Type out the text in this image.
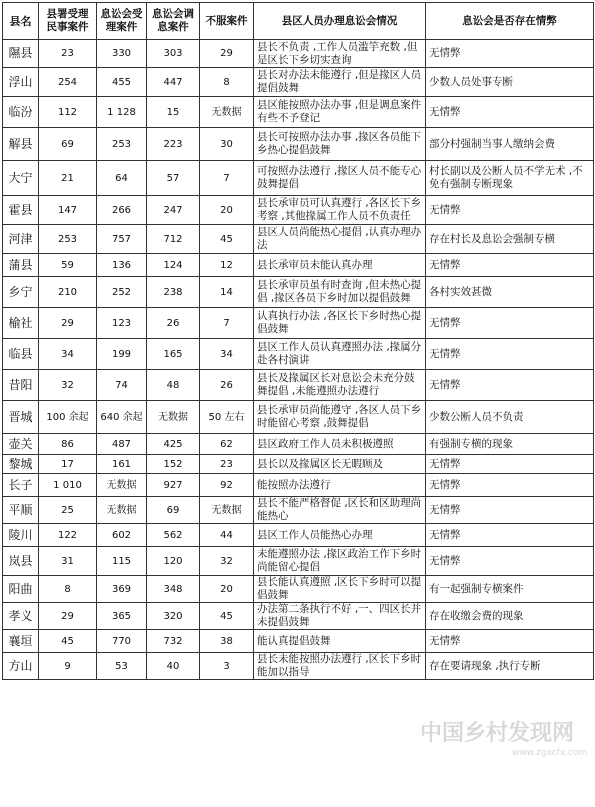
县名	县署受理民事案件	息讼会受理案件	息讼会调息案件	不服案件	县区人员办理息讼会情况	息讼会是否存在情弊
隰县	23	330	303	29	县长不负责 ,工作人员滥竽充数 ,但是区长下乡切实查询	无情弊
浮山	254	455	447	8	县长对办法未能遵行 ,但是掾区人员提倡鼓舞	少数人员处事专断
临汾	112	1 128	15	无数据	县区能按照办法办事 ,但是调息案件有些不予登记	无情弊
解县	69	253	223	30	县长可按照办法办事 ,掾区各员能下乡热心提倡鼓舞	部分村强制当事人缴纳会费
大宁	21	64	57	7	可按照办法遵行 ,掾区人员不能专心鼓舞提倡	村长副以及公断人员不学无术 ,不免有强制专断现象
霍县	147	266	247	20	县长承审员可认真遵行 ,各区长下乡考察 ,其他掾属工作人员不负责任	无情弊
河津	253	757	712	45	县区人员尚能热心提倡 ,认真办理办法	存在村长及息讼会强制专横
蒲县	59	136	124	12	县长承审员未能认真办理	无情弊
乡宁	210	252	238	14	县长承审员虽有时查询 ,但未热心提倡 ,掾区各员下乡时加以提倡鼓舞	各村实效甚微
榆社	29	123	26	7	认真执行办法 ,各区长下乡时热心提倡鼓舞	无情弊
临县	34	199	165	34	县区工作人员认真遵照办法 ,掾属分赴各村演讲	无情弊
昔阳	32	74	48	26	县长及掾属区长对息讼会未充分鼓舞提倡 ,未能遵照办法遵行	无情弊
晋城	100 余起	640 余起	无数据	50 左右	县长承审员尚能遵守 ,各区人员下乡时能留心考察 ,鼓舞提倡	少数公断人员不负责
壶关	86	487	425	62	县区政府工作人员未积极遵照	有强制专横的现象
黎城	17	161	152	23	县长以及掾属区长无暇顾及	无情弊
长子	1 010	无数据	927	92	能按照办法遵行	无情弊
平顺	25	无数据	69	无数据	县长不能严格督促 ,区长和区助理尚能热心	无情弊
陵川	122	602	562	44	县区工作人员能热心办理	无情弊
岚县	31	115	120	32	未能遵照办法 ,掾区政治工作下乡时尚能留心提倡	无情弊
阳曲	8	369	348	20	县长能认真遵照 ,区长下乡时可以提倡鼓舞	有一起强制专横案件
孝义	29	365	320	45	办法第二条执行不好 ,一、四区长并未提倡鼓舞	存在收缴会费的现象
襄垣	45	770	732	38	能认真提倡鼓舞	无情弊
方山	9	53	40	3	县长未能按照办法遵行 ,区长下乡时能加以指导	存在要请现象 ,执行专断
中国乡村发现网
www.zgxcfx.com
